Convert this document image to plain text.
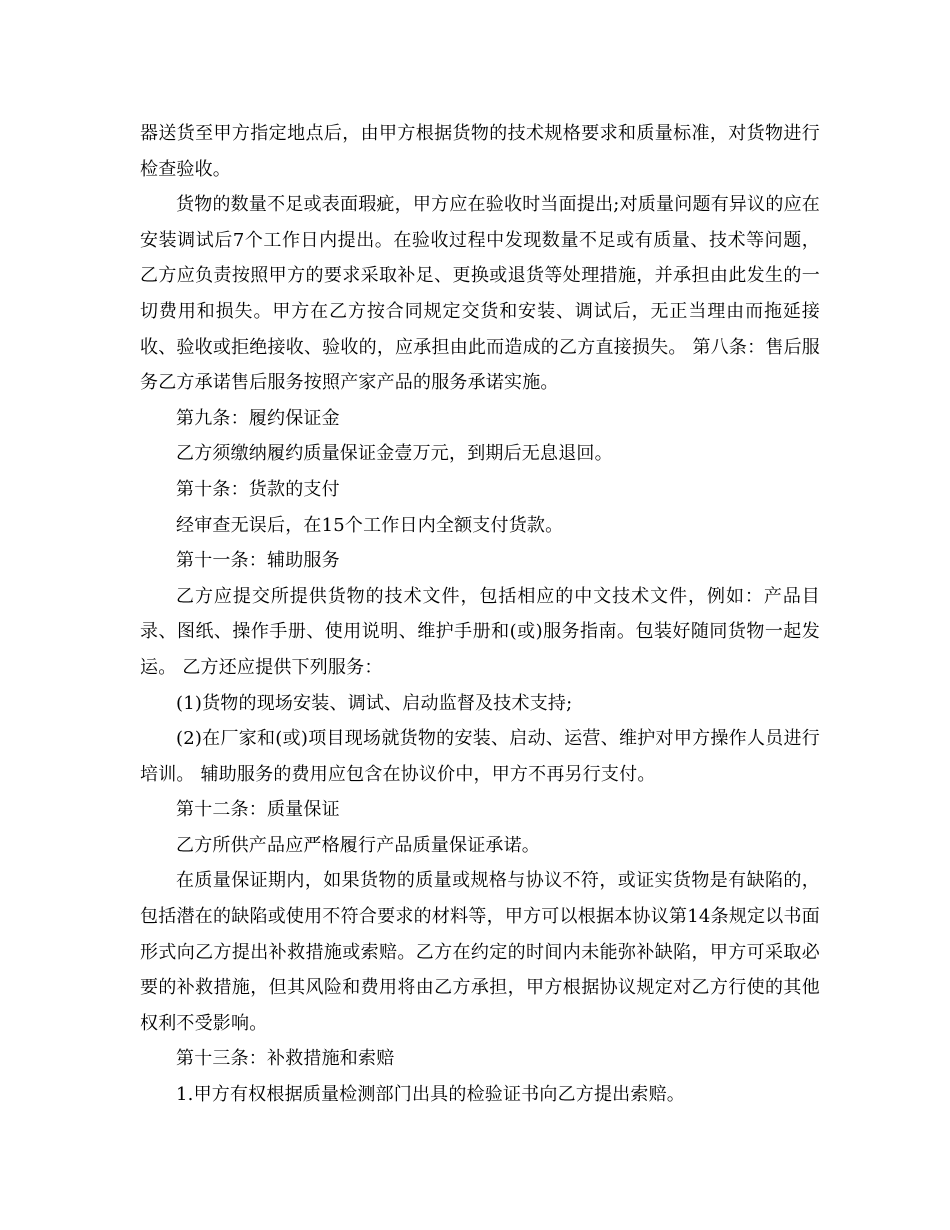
器送货至甲方指定地点后，由甲方根据货物的技术规格要求和质量标准，对货物进行检查验收。

货物的数量不足或表面瑕疵，甲方应在验收时当面提出;对质量问题有异议的应在安装调试后7个工作日内提出。在验收过程中发现数量不足或有质量、技术等问题，乙方应负责按照甲方的要求采取补足、更换或退货等处理措施，并承担由此发生的一切费用和损失。甲方在乙方按合同规定交货和安装、调试后，无正当理由而拖延接收、验收或拒绝接收、验收的，应承担由此而造成的乙方直接损失。 第八条：售后服务乙方承诺售后服务按照产家产品的服务承诺实施。

第九条：履约保证金

乙方须缴纳履约质量保证金壹万元，到期后无息退回。

第十条：货款的支付

经审查无误后，在15个工作日内全额支付货款。

第十一条：辅助服务

乙方应提交所提供货物的技术文件，包括相应的中文技术文件，例如：产品目录、图纸、操作手册、使用说明、维护手册和(或)服务指南。包装好随同货物一起发运。 乙方还应提供下列服务：

(1)货物的现场安装、调试、启动监督及技术支持;

(2)在厂家和(或)项目现场就货物的安装、启动、运营、维护对甲方操作人员进行培训。 辅助服务的费用应包含在协议价中，甲方不再另行支付。

第十二条：质量保证

乙方所供产品应严格履行产品质量保证承诺。

在质量保证期内，如果货物的质量或规格与协议不符，或证实货物是有缺陷的，包括潜在的缺陷或使用不符合要求的材料等，甲方可以根据本协议第14条规定以书面形式向乙方提出补救措施或索赔。乙方在约定的时间内未能弥补缺陷，甲方可采取必要的补救措施，但其风险和费用将由乙方承担，甲方根据协议规定对乙方行使的其他权利不受影响。

第十三条：补救措施和索赔

1.甲方有权根据质量检测部门出具的检验证书向乙方提出索赔。
